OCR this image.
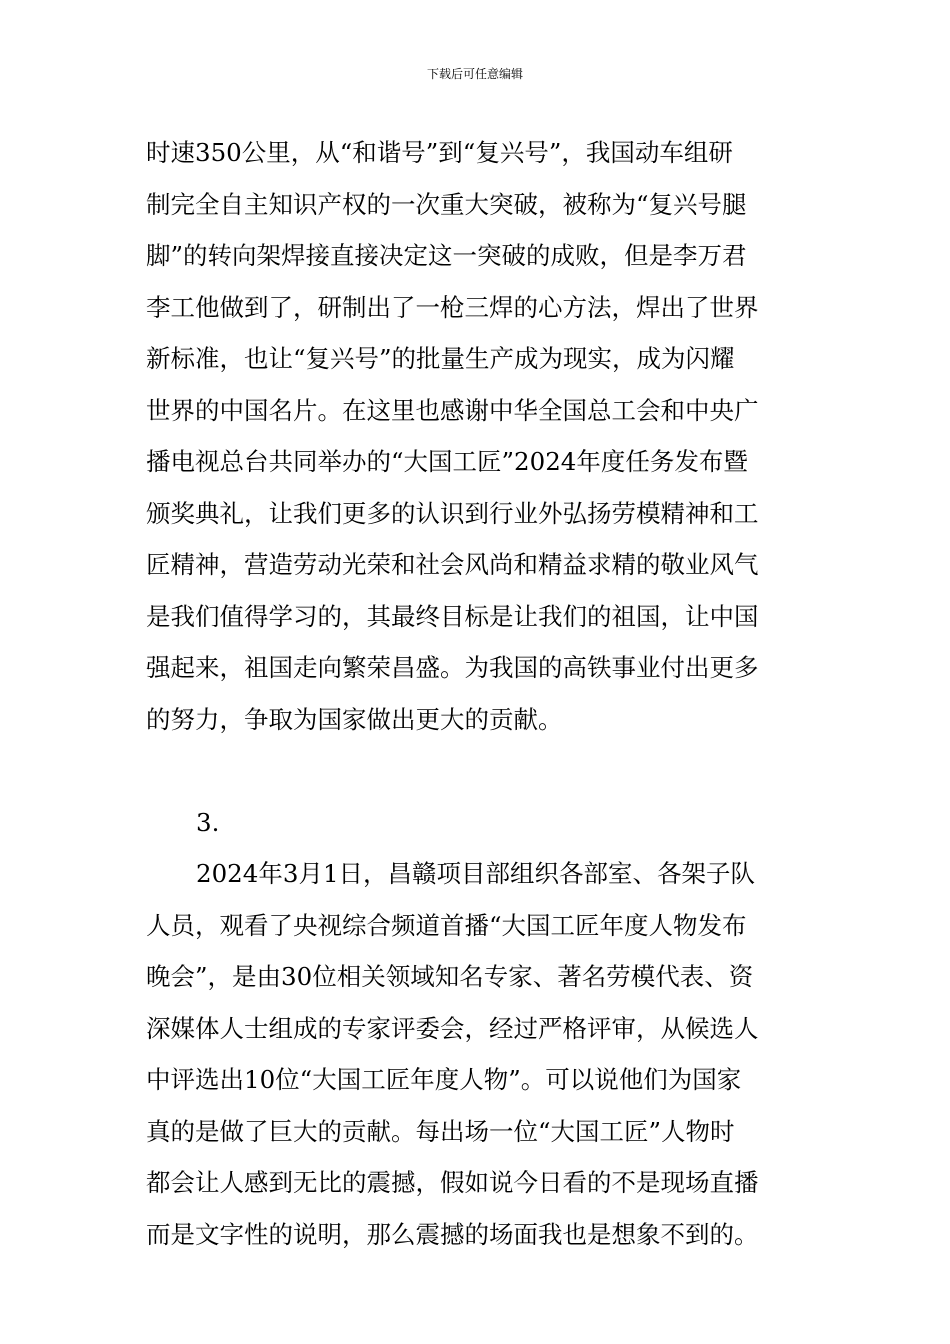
下载后可任意编辑
时速350公里，从“和谐号”到“复兴号”，我国动车组研
制完全自主知识产权的一次重大突破，被称为“复兴号腿
脚”的转向架焊接直接决定这一突破的成败，但是李万君
李工他做到了，研制出了一枪三焊的心方法，焊出了世界
新标准，也让“复兴号”的批量生产成为现实，成为闪耀
世界的中国名片。在这里也感谢中华全国总工会和中央广
播电视总台共同举办的“大国工匠”2024年度任务发布暨
颁奖典礼，让我们更多的认识到行业外弘扬劳模精神和工
匠精神，营造劳动光荣和社会风尚和精益求精的敬业风气
是我们值得学习的，其最终目标是让我们的祖国，让中国
强起来，祖国走向繁荣昌盛。为我国的高铁事业付出更多
的努力，争取为国家做出更大的贡献。
3.
2024年3月1日，昌赣项目部组织各部室、各架子队
人员，观看了央视综合频道首播“大国工匠年度人物发布
晚会”，是由30位相关领域知名专家、著名劳模代表、资
深媒体人士组成的专家评委会，经过严格评审，从候选人
中评选出10位“大国工匠年度人物”。可以说他们为国家
真的是做了巨大的贡献。每出场一位“大国工匠”人物时
都会让人感到无比的震撼，假如说今日看的不是现场直播
而是文字性的说明，那么震撼的场面我也是想象不到的。
